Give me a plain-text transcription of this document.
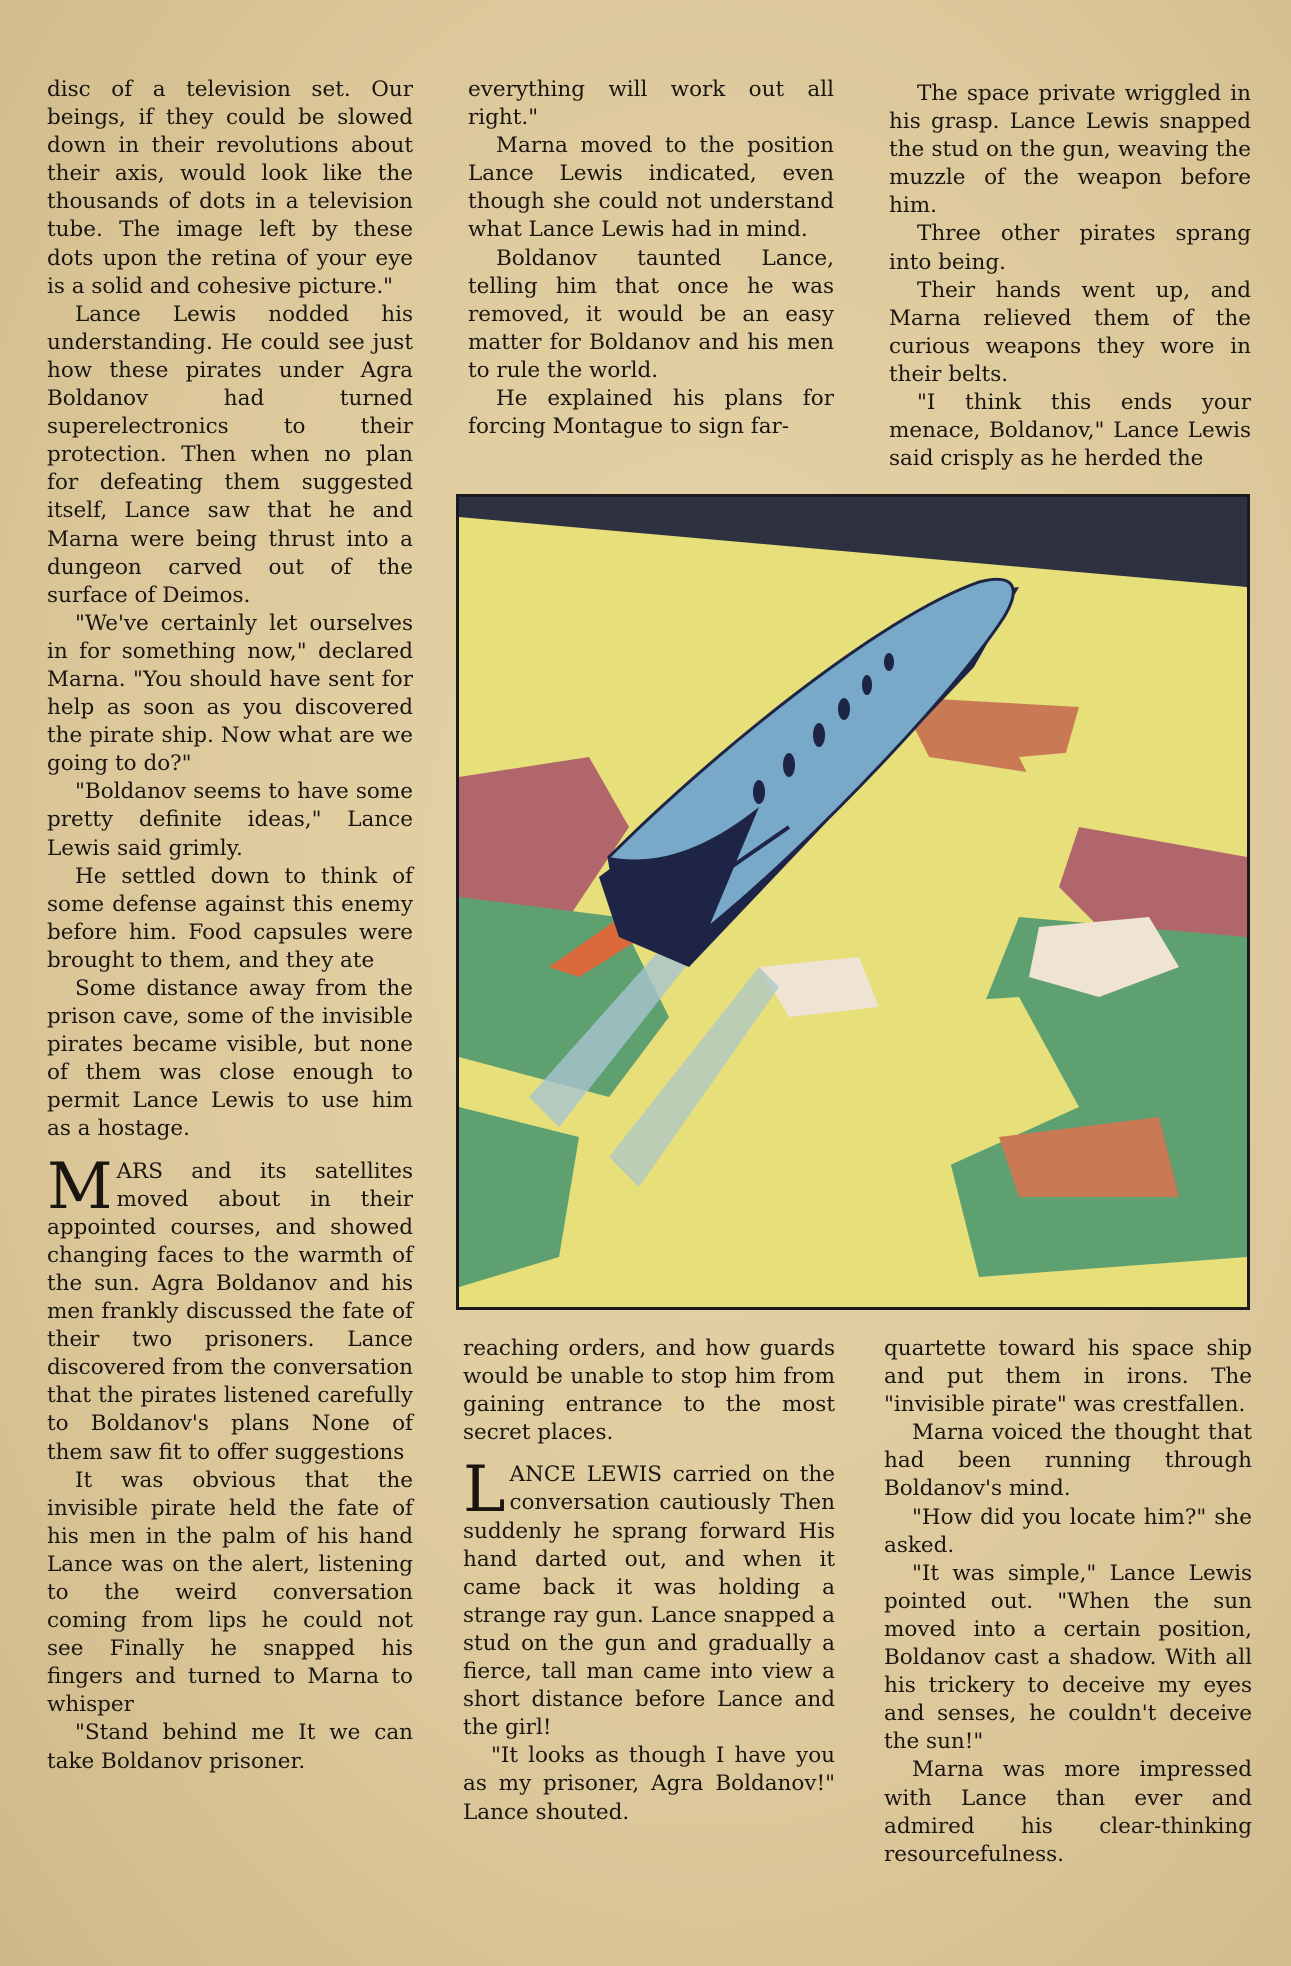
disc of a television set. Our beings, if they could be slowed down in their revolutions about their axis, would look like the thousands of dots in a television tube. The image left by these dots upon the retina of your eye is a solid and cohesive picture."

Lance Lewis nodded his understanding. He could see just how these pirates under Agra Boldanov had turned superelectronics to their protection. Then when no plan for defeating them suggested itself, Lance saw that he and Marna were being thrust into a dungeon carved out of the surface of Deimos.

"We've certainly let ourselves in for something now," declared Marna. "You should have sent for help as soon as you discovered the pirate ship. Now what are we going to do?"

"Boldanov seems to have some pretty definite ideas," Lance Lewis said grimly.

He settled down to think of some defense against this enemy before him. Food capsules were brought to them, and they ate

Some distance away from the prison cave, some of the invisible pirates became visible, but none of them was close enough to permit Lance Lewis to use him as a hostage.

MARS and its satellites moved about in their appointed courses, and showed changing faces to the warmth of the sun. Agra Boldanov and his men frankly discussed the fate of their two prisoners. Lance discovered from the conversation that the pirates listened carefully to Boldanov's plans None of them saw fit to offer suggestions

It was obvious that the invisible pirate held the fate of his men in the palm of his hand Lance was on the alert, listening to the weird conversation coming from lips he could not see Finally he snapped his fingers and turned to Marna to whisper

"Stand behind me It we can take Boldanov prisoner.

everything will work out all right."

Marna moved to the position Lance Lewis indicated, even though she could not understand what Lance Lewis had in mind.

Boldanov taunted Lance, telling him that once he was removed, it would be an easy matter for Boldanov and his men to rule the world.

He explained his plans for forcing Montague to sign far-

The space private wriggled in his grasp. Lance Lewis snapped the stud on the gun, weaving the muzzle of the weapon before him.

Three other pirates sprang into being.

Their hands went up, and Marna relieved them of the curious weapons they wore in their belts.

"I think this ends your menace, Boldanov," Lance Lewis said crisply as he herded the

reaching orders, and how guards would be unable to stop him from gaining entrance to the most secret places.

LANCE LEWIS carried on the conversation cautiously Then suddenly he sprang forward His hand darted out, and when it came back it was holding a strange ray gun. Lance snapped a stud on the gun and gradually a fierce, tall man came into view a short distance before Lance and the girl!

"It looks as though I have you as my prisoner, Agra Boldanov!" Lance shouted.

quartette toward his space ship and put them in irons. The "invisible pirate" was crestfallen.

Marna voiced the thought that had been running through Boldanov's mind.

"How did you locate him?" she asked.

"It was simple," Lance Lewis pointed out. "When the sun moved into a certain position, Boldanov cast a shadow. With all his trickery to deceive my eyes and senses, he couldn't deceive the sun!"

Marna was more impressed with Lance than ever and admired his clear-thinking resourcefulness.
